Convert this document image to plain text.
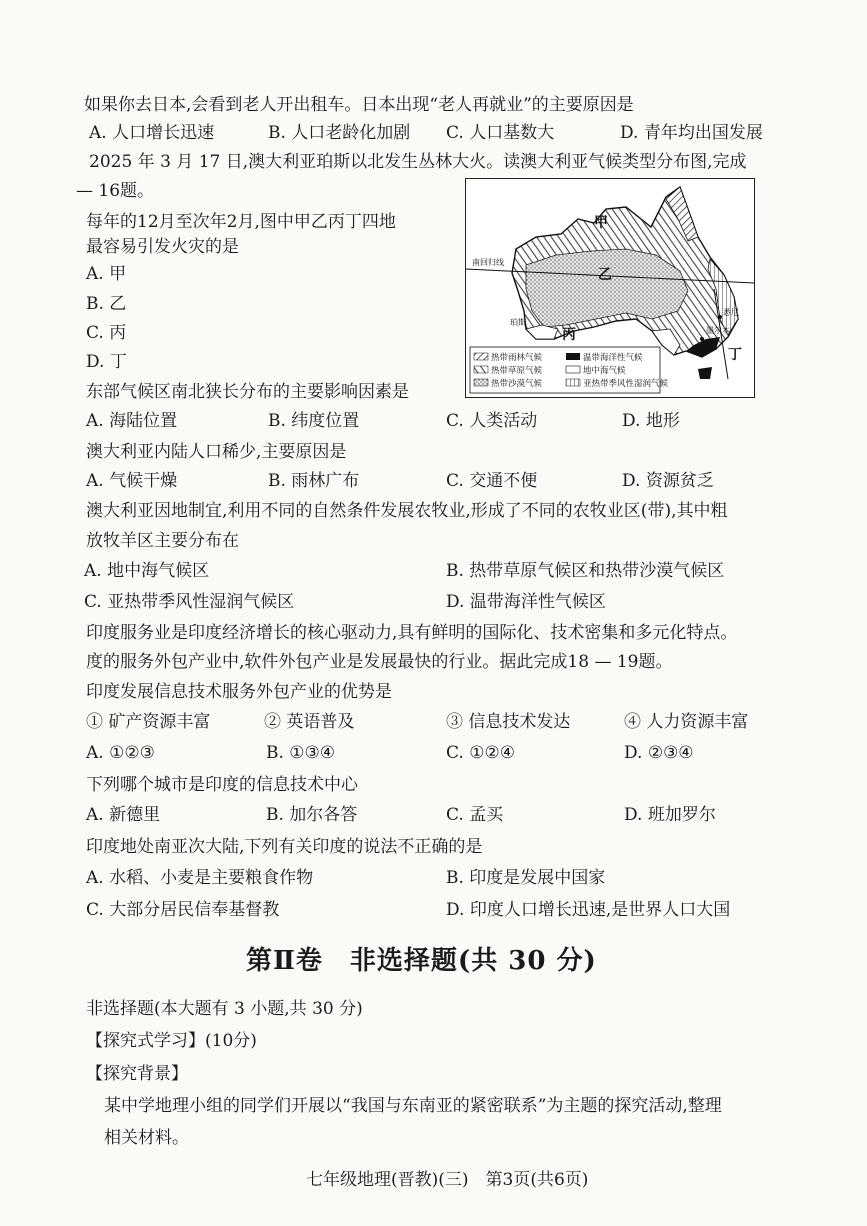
如果你去日本,会看到老人开出租车。日本出现“老人再就业”的主要原因是
A. 人口增长迅速	B. 人口老龄化加剧 C. 人口基数大	D. 青年均出国发展
2025 年 3 月 17 日,澳大利亚珀斯以北发生丛林大火。读澳大利亚气候类型分布图,完成
— 16题。
每年的12月至次年2月,图中甲乙丙丁四地
最容易引发火灾的是
A. 甲
B. 乙
C. 丙
D. 丁
南回归线
甲
乙
丙
丁
珀斯
悉尼
墨尔本
热带雨林气候	温带海洋性气候
热带草原气候	地中海气候
热带沙漠气候	亚热带季风性湿润气候
东部气候区南北狭长分布的主要影响因素是
A. 海陆位置	B. 纬度位置	C. 人类活动	D. 地形
澳大利亚内陆人口稀少,主要原因是
A. 气候干燥	B. 雨林广布	C. 交通不便	D. 资源贫乏
澳大利亚因地制宜,利用不同的自然条件发展农牧业,形成了不同的农牧业区(带),其中粗
放牧羊区主要分布在
A. 地中海气候区	B. 热带草原气候区和热带沙漠气候区
C. 亚热带季风性湿润气候区	D. 温带海洋性气候区
印度服务业是印度经济增长的核心驱动力,具有鲜明的国际化、技术密集和多元化特点。
度的服务外包产业中,软件外包产业是发展最快的行业。据此完成18 — 19题。
印度发展信息技术服务外包产业的优势是
① 矿产资源丰富	② 英语普及	③ 信息技术发达	④ 人力资源丰富
A. ①②③	B. ①③④	C. ①②④	D. ②③④
下列哪个城市是印度的信息技术中心
A. 新德里	B. 加尔各答	C. 孟买	D. 班加罗尔
印度地处南亚次大陆,下列有关印度的说法不正确的是
A. 水稻、小麦是主要粮食作物	B. 印度是发展中国家
C. 大部分居民信奉基督教	D. 印度人口增长迅速,是世界人口大国
第Ⅱ卷　非选择题(共 30 分)
非选择题(本大题有 3 小题,共 30 分)
【探究式学习】(10分)
【探究背景】
某中学地理小组的同学们开展以“我国与东南亚的紧密联系”为主题的探究活动,整理
相关材料。
七年级地理(晋教)(三)　第3页(共6页)
